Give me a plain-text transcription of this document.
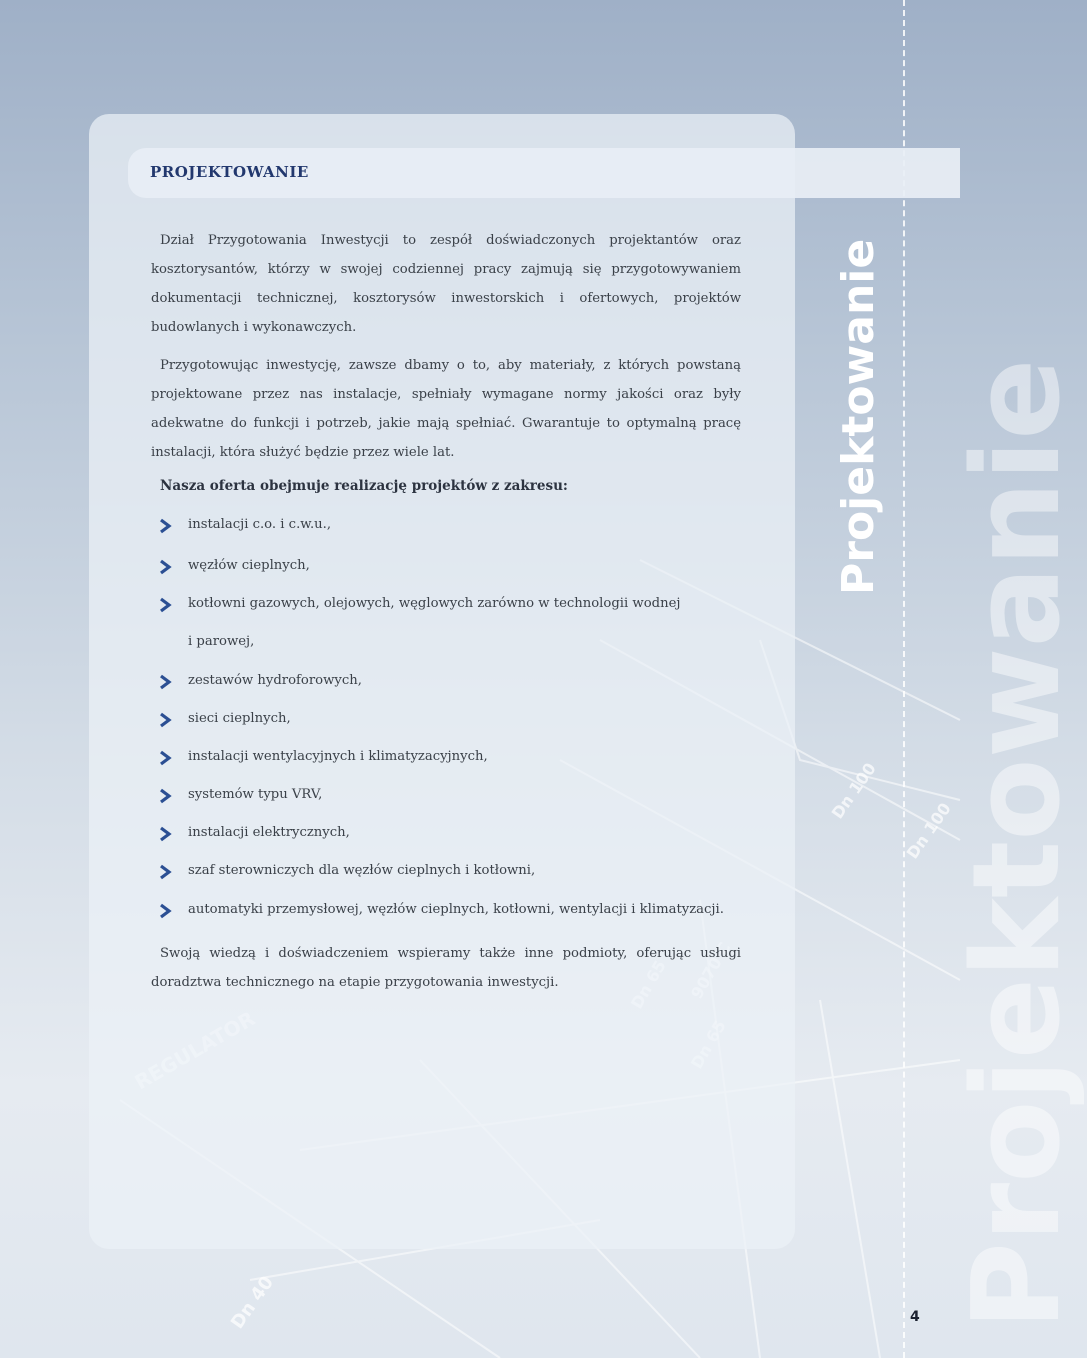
Dn 40
Dn 100
Dn 100
Projektowanie
PROJEKTOWANIE

Dział Przygotowania Inwestycji to zespół doświadczonych projektantów oraz kosztorysantów, którzy w swojej codziennej pracy zajmują się przygotowywaniem dokumentacji technicznej, kosztorysów inwestorskich i ofertowych, projektów budowlanych i wykonawczych.

Przygotowując inwestycję, zawsze dbamy o to, aby materiały, z których powstaną projektowane przez nas instalacje, spełniały wymagane normy jakości oraz były adekwatne do funkcji i potrzeb, jakie mają spełniać. Gwarantuje to optymalną pracę instalacji, która służyć będzie przez wiele lat.

Nasza oferta obejmuje realizację projektów z zakresu:
instalacji c.o. i c.w.u.,
węzłów cieplnych,
kotłowni gazowych, olejowych, węglowych zarówno w technologii wodnej
i parowej,
zestawów hydroforowych,
sieci cieplnych,
instalacji wentylacyjnych i klimatyzacyjnych,
systemów typu VRV,
instalacji elektrycznych,
szaf sterowniczych dla węzłów cieplnych i kotłowni,
automatyki przemysłowej, węzłów cieplnych, kotłowni, wentylacji i klimatyzacji.

Swoją wiedzą i doświadczeniem wspieramy także inne podmioty, oferując usługi doradztwa technicznego na etapie przygotowania inwestycji.

Projektowanie
4
